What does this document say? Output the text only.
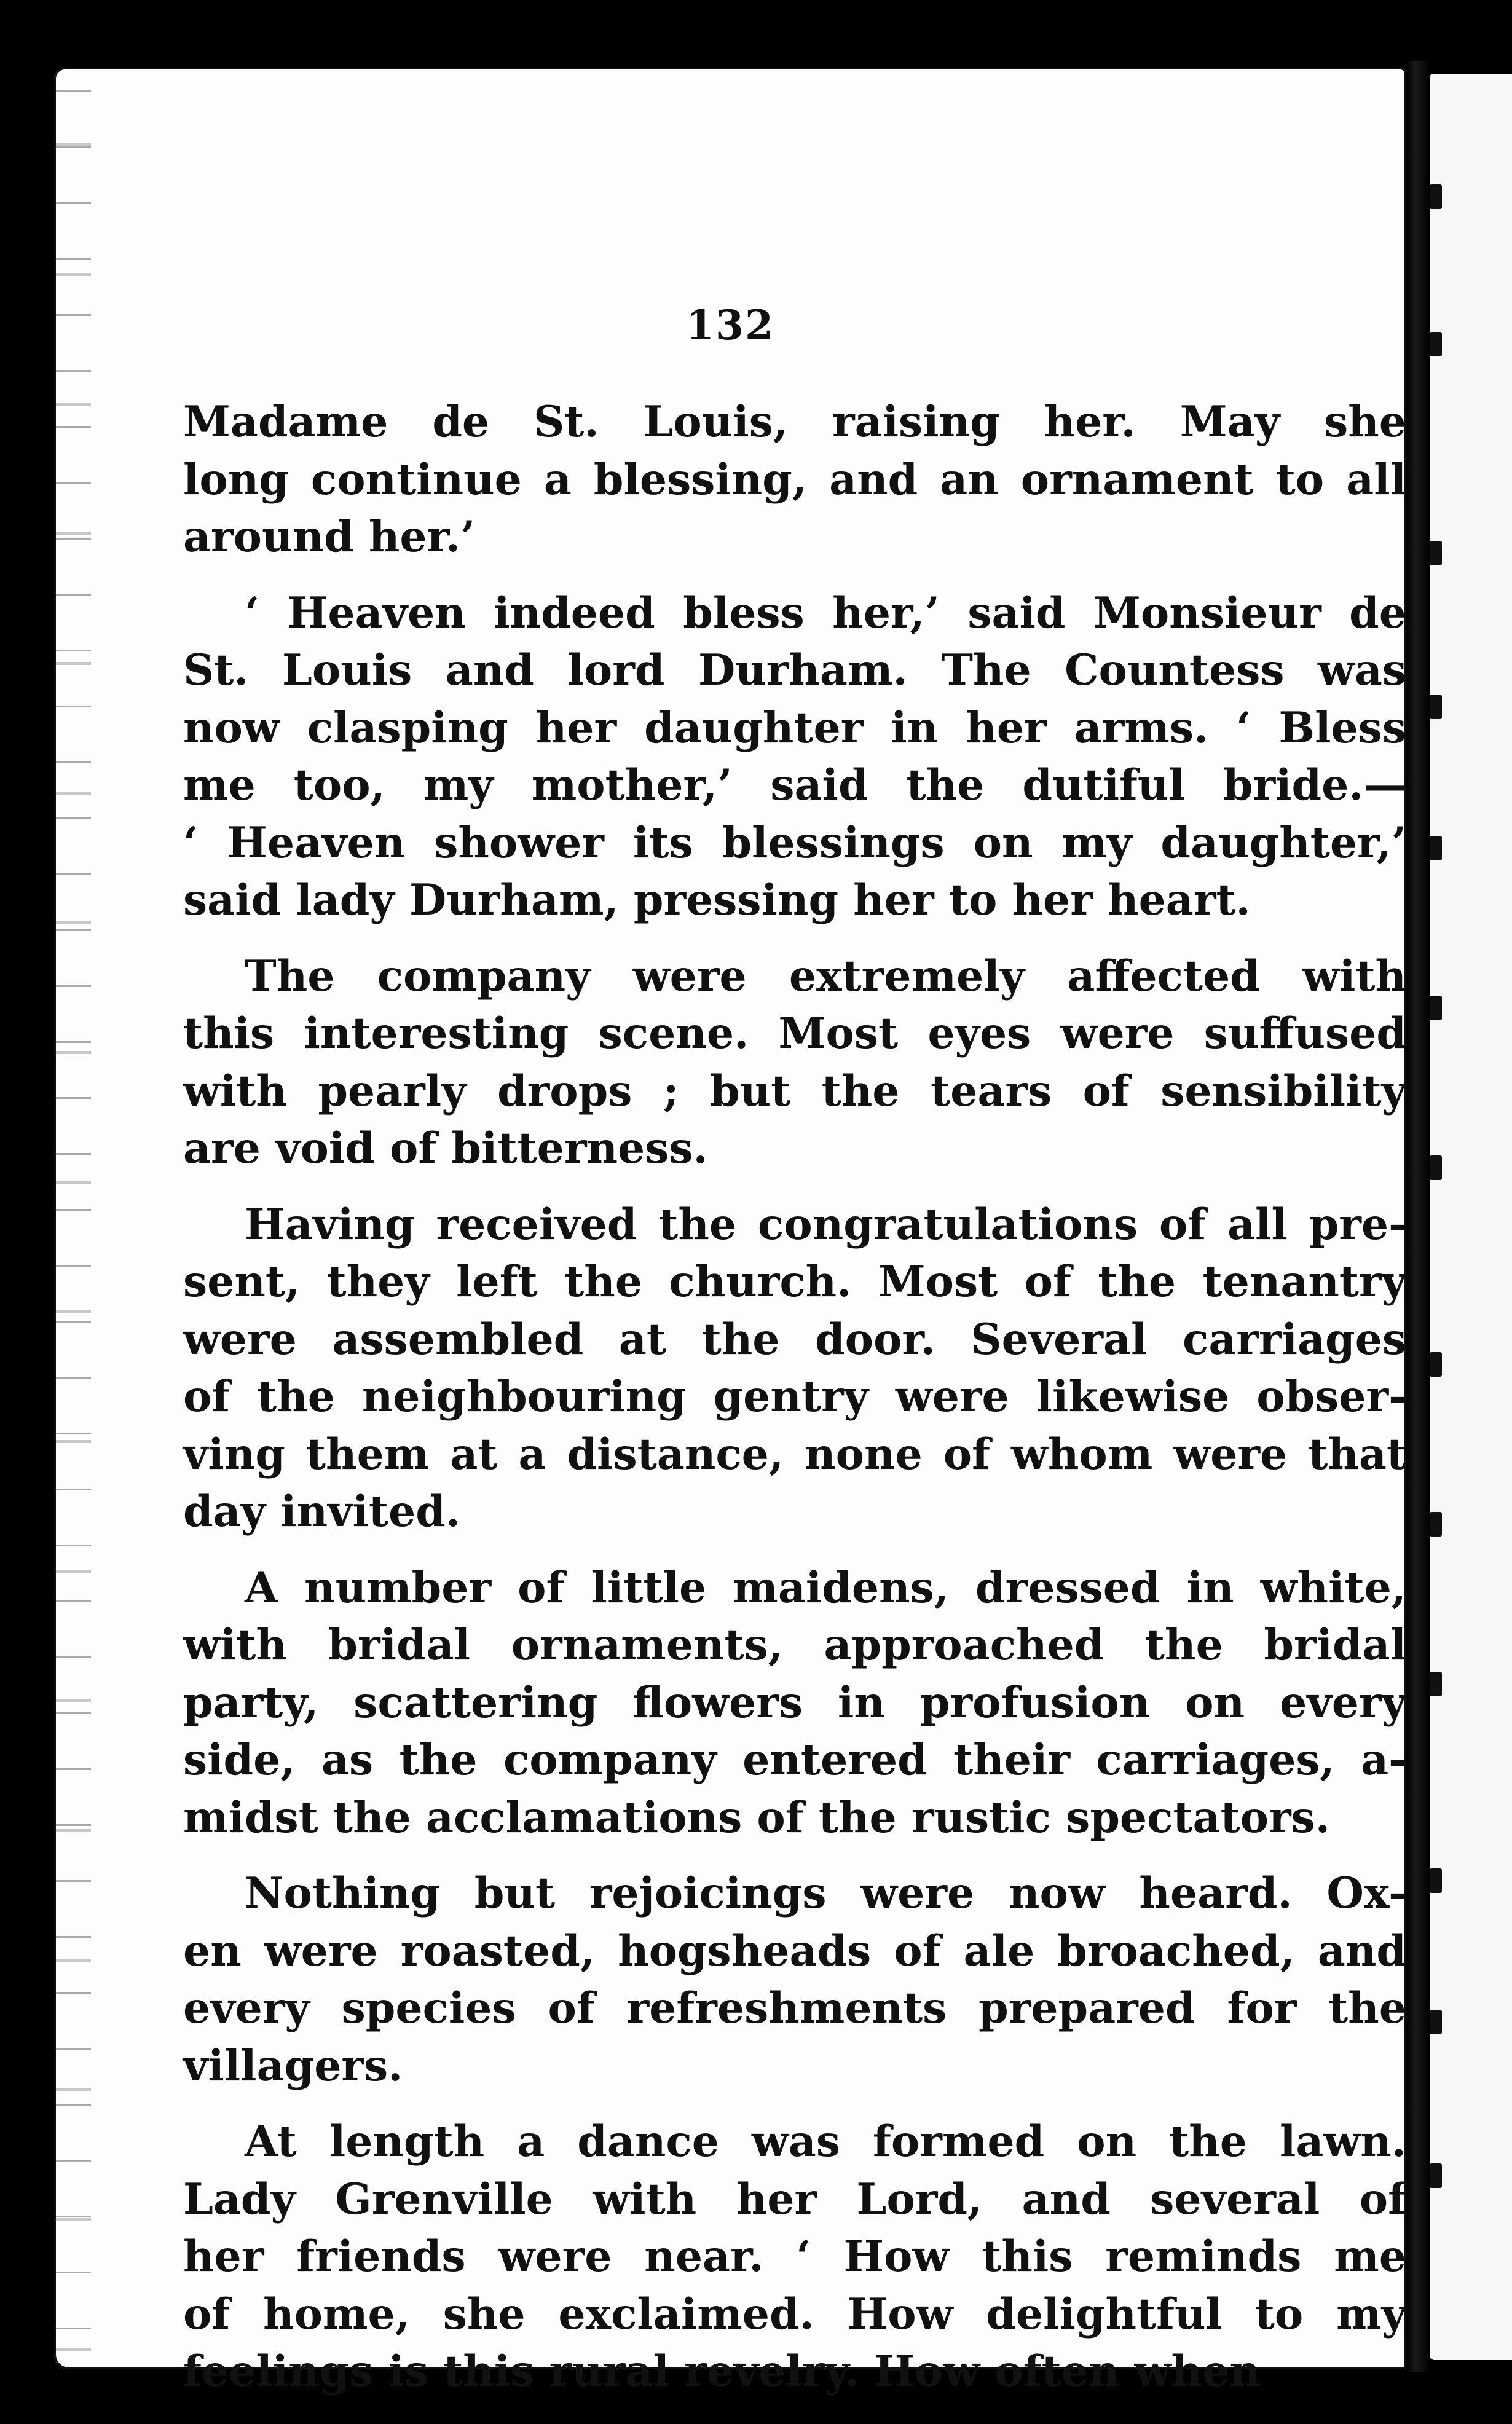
132

Madame de St. Louis, raising her. May she
long continue a blessing, and an ornament to all
around her.’

‘ Heaven indeed bless her,’ said Monsieur de
St. Louis and lord Durham. The Countess was
now clasping her daughter in her arms. ‘ Bless
me too, my mother,’ said the dutiful bride.—
‘ Heaven shower its blessings on my daughter,’
said lady Durham, pressing her to her heart.

The company were extremely affected with
this interesting scene. Most eyes were suffused
with pearly drops ; but the tears of sensibility
are void of bitterness.

Having received the congratulations of all pre-
sent, they left the church. Most of the tenantry
were assembled at the door. Several carriages
of the neighbouring gentry were likewise obser-
ving them at a distance, none of whom were that
day invited.

A number of little maidens, dressed in white,
with bridal ornaments, approached the bridal
party, scattering flowers in profusion on every
side, as the company entered their carriages, a-
midst the acclamations of the rustic spectators.

Nothing but rejoicings were now heard. Ox-
en were roasted, hogsheads of ale broached, and
every species of refreshments prepared for the
villagers.

At length a dance was formed on the lawn.
Lady Grenville with her Lord, and several of
her friends were near. ‘ How this reminds me
of home, she exclaimed. How delightful to my
feelings is this rural revelry. How often when
